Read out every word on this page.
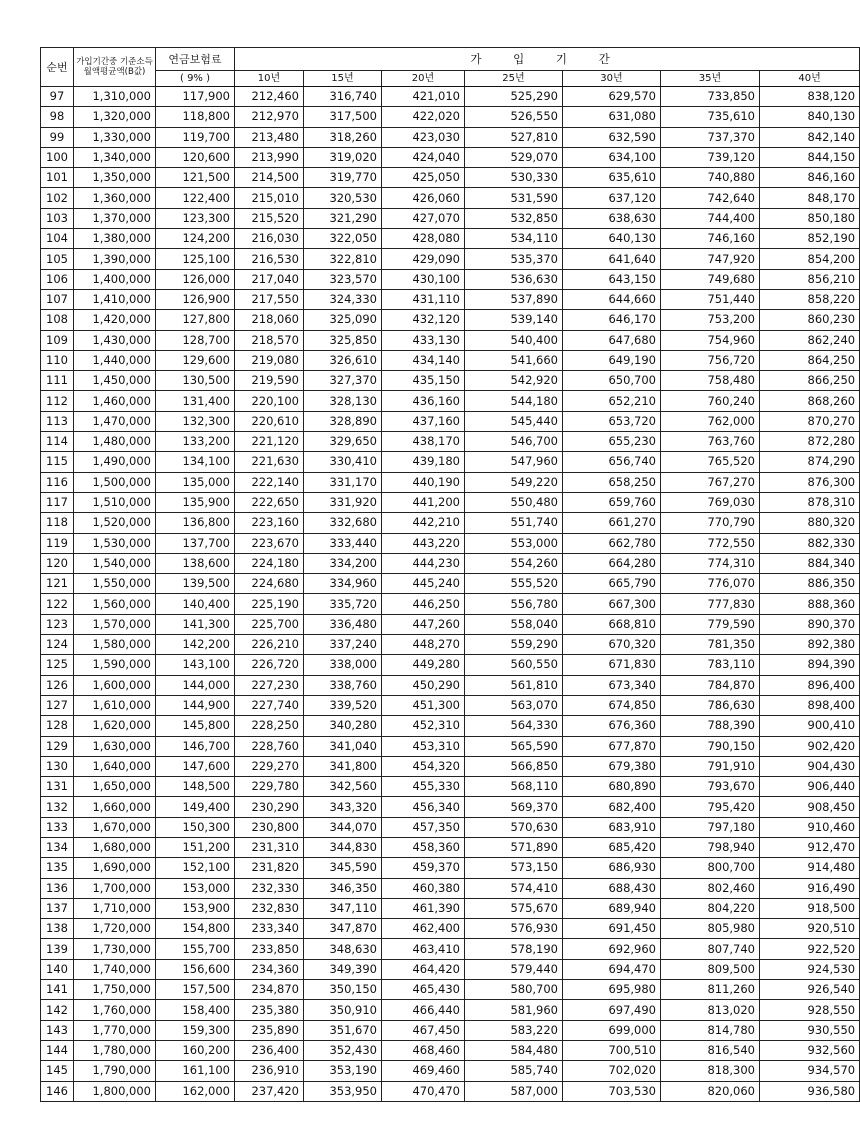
순번	가입기간중 기준소득월액평균액(B값)	연금보험료	가 입 기 간						
		( 9% )	10년	15년	20년	25년	30년	35년	40년
97	1,310,000	117,900	212,460	316,740	421,010	525,290	629,570	733,850	838,120
98	1,320,000	118,800	212,970	317,500	422,020	526,550	631,080	735,610	840,130
99	1,330,000	119,700	213,480	318,260	423,030	527,810	632,590	737,370	842,140
100	1,340,000	120,600	213,990	319,020	424,040	529,070	634,100	739,120	844,150
101	1,350,000	121,500	214,500	319,770	425,050	530,330	635,610	740,880	846,160
102	1,360,000	122,400	215,010	320,530	426,060	531,590	637,120	742,640	848,170
103	1,370,000	123,300	215,520	321,290	427,070	532,850	638,630	744,400	850,180
104	1,380,000	124,200	216,030	322,050	428,080	534,110	640,130	746,160	852,190
105	1,390,000	125,100	216,530	322,810	429,090	535,370	641,640	747,920	854,200
106	1,400,000	126,000	217,040	323,570	430,100	536,630	643,150	749,680	856,210
107	1,410,000	126,900	217,550	324,330	431,110	537,890	644,660	751,440	858,220
108	1,420,000	127,800	218,060	325,090	432,120	539,140	646,170	753,200	860,230
109	1,430,000	128,700	218,570	325,850	433,130	540,400	647,680	754,960	862,240
110	1,440,000	129,600	219,080	326,610	434,140	541,660	649,190	756,720	864,250
111	1,450,000	130,500	219,590	327,370	435,150	542,920	650,700	758,480	866,250
112	1,460,000	131,400	220,100	328,130	436,160	544,180	652,210	760,240	868,260
113	1,470,000	132,300	220,610	328,890	437,160	545,440	653,720	762,000	870,270
114	1,480,000	133,200	221,120	329,650	438,170	546,700	655,230	763,760	872,280
115	1,490,000	134,100	221,630	330,410	439,180	547,960	656,740	765,520	874,290
116	1,500,000	135,000	222,140	331,170	440,190	549,220	658,250	767,270	876,300
117	1,510,000	135,900	222,650	331,920	441,200	550,480	659,760	769,030	878,310
118	1,520,000	136,800	223,160	332,680	442,210	551,740	661,270	770,790	880,320
119	1,530,000	137,700	223,670	333,440	443,220	553,000	662,780	772,550	882,330
120	1,540,000	138,600	224,180	334,200	444,230	554,260	664,280	774,310	884,340
121	1,550,000	139,500	224,680	334,960	445,240	555,520	665,790	776,070	886,350
122	1,560,000	140,400	225,190	335,720	446,250	556,780	667,300	777,830	888,360
123	1,570,000	141,300	225,700	336,480	447,260	558,040	668,810	779,590	890,370
124	1,580,000	142,200	226,210	337,240	448,270	559,290	670,320	781,350	892,380
125	1,590,000	143,100	226,720	338,000	449,280	560,550	671,830	783,110	894,390
126	1,600,000	144,000	227,230	338,760	450,290	561,810	673,340	784,870	896,400
127	1,610,000	144,900	227,740	339,520	451,300	563,070	674,850	786,630	898,400
128	1,620,000	145,800	228,250	340,280	452,310	564,330	676,360	788,390	900,410
129	1,630,000	146,700	228,760	341,040	453,310	565,590	677,870	790,150	902,420
130	1,640,000	147,600	229,270	341,800	454,320	566,850	679,380	791,910	904,430
131	1,650,000	148,500	229,780	342,560	455,330	568,110	680,890	793,670	906,440
132	1,660,000	149,400	230,290	343,320	456,340	569,370	682,400	795,420	908,450
133	1,670,000	150,300	230,800	344,070	457,350	570,630	683,910	797,180	910,460
134	1,680,000	151,200	231,310	344,830	458,360	571,890	685,420	798,940	912,470
135	1,690,000	152,100	231,820	345,590	459,370	573,150	686,930	800,700	914,480
136	1,700,000	153,000	232,330	346,350	460,380	574,410	688,430	802,460	916,490
137	1,710,000	153,900	232,830	347,110	461,390	575,670	689,940	804,220	918,500
138	1,720,000	154,800	233,340	347,870	462,400	576,930	691,450	805,980	920,510
139	1,730,000	155,700	233,850	348,630	463,410	578,190	692,960	807,740	922,520
140	1,740,000	156,600	234,360	349,390	464,420	579,440	694,470	809,500	924,530
141	1,750,000	157,500	234,870	350,150	465,430	580,700	695,980	811,260	926,540
142	1,760,000	158,400	235,380	350,910	466,440	581,960	697,490	813,020	928,550
143	1,770,000	159,300	235,890	351,670	467,450	583,220	699,000	814,780	930,550
144	1,780,000	160,200	236,400	352,430	468,460	584,480	700,510	816,540	932,560
145	1,790,000	161,100	236,910	353,190	469,460	585,740	702,020	818,300	934,570
146	1,800,000	162,000	237,420	353,950	470,470	587,000	703,530	820,060	936,580
